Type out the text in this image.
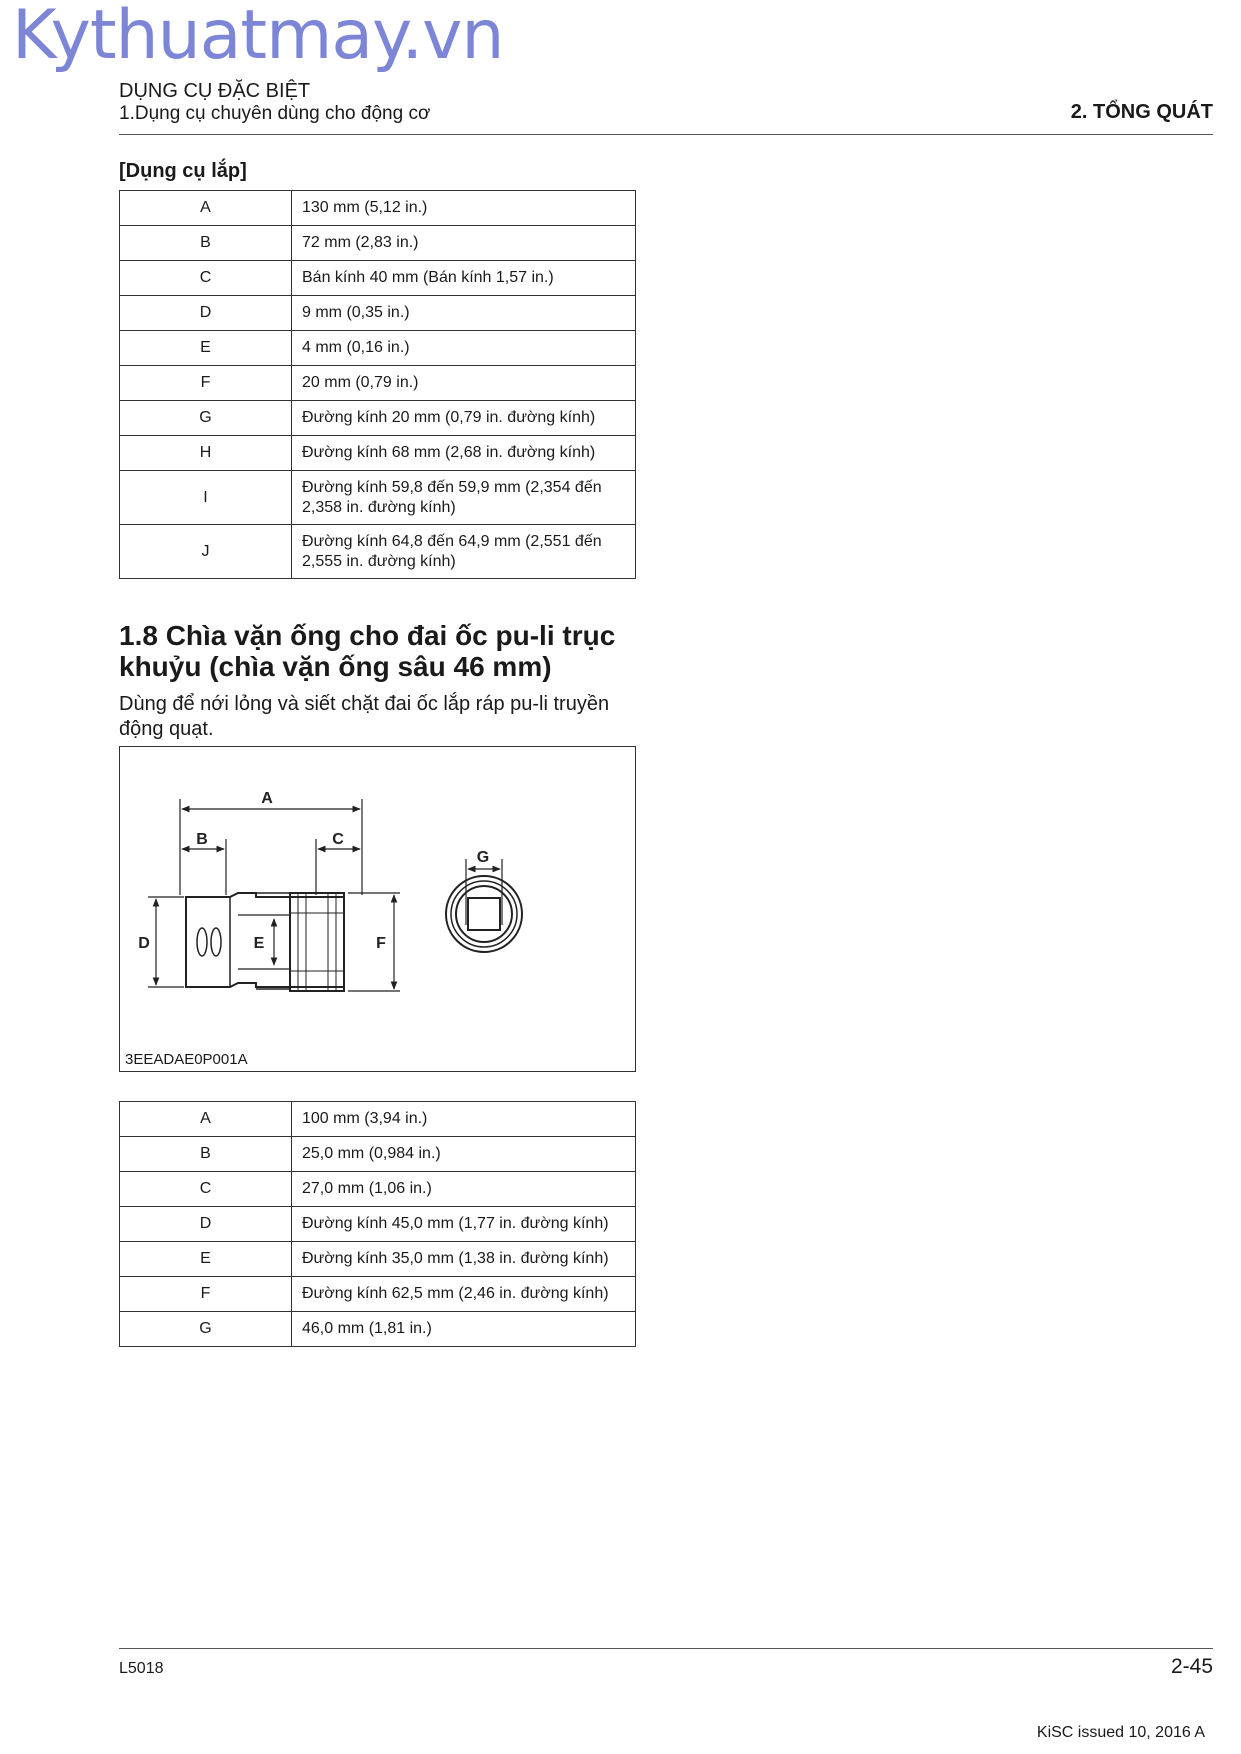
Kythuatmay.vn
DỤNG CỤ ĐẶC BIỆT
1.Dụng cụ chuyên dùng cho động cơ	2. TỔNG QUÁT
[Dụng cụ lắp]
A	130 mm (5,12 in.)
B	72 mm (2,83 in.)
C	Bán kính 40 mm (Bán kính 1,57 in.)
D	9 mm (0,35 in.)
E	4 mm (0,16 in.)
F	20 mm (0,79 in.)
G	Đường kính 20 mm (0,79 in. đường kính)
H	Đường kính 68 mm (2,68 in. đường kính)
I	Đường kính 59,8 đến 59,9 mm (2,354 đến 2,358 in. đường kính)
J	Đường kính 64,8 đến 64,9 mm (2,551 đến 2,555 in. đường kính)
1.8 Chìa vặn ống cho đai ốc pu-li trục khuỷu (chìa vặn ống sâu 46 mm)
Dùng để nới lỏng và siết chặt đai ốc lắp ráp pu-li truyền động quạt.
A
B	C
D	E	F
G
3EEADAE0P001A
A	100 mm (3,94 in.)
B	25,0 mm (0,984 in.)
C	27,0 mm (1,06 in.)
D	Đường kính 45,0 mm (1,77 in. đường kính)
E	Đường kính 35,0 mm (1,38 in. đường kính)
F	Đường kính 62,5 mm (2,46 in. đường kính)
G	46,0 mm (1,81 in.)
L5018	2-45
KiSC issued 10, 2016 A
